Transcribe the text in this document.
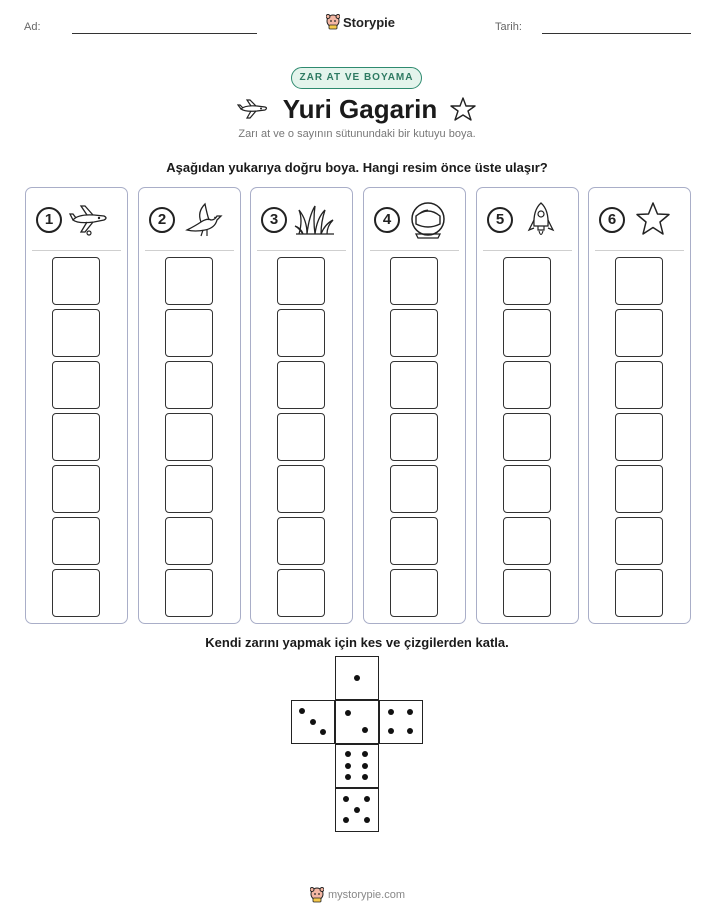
Ad:	Storypie	Tarih:
ZAR AT VE BOYAMA
Yuri Gagarin
Zarı at ve o sayının sütunundaki bir kutuyu boya.
Aşağıdan yukarıya doğru boya. Hangi resim önce üste ulaşır?
1	2	3	4	5	6
Kendi zarını yapmak için kes ve çizgilerden katla.
mystorypie.com
